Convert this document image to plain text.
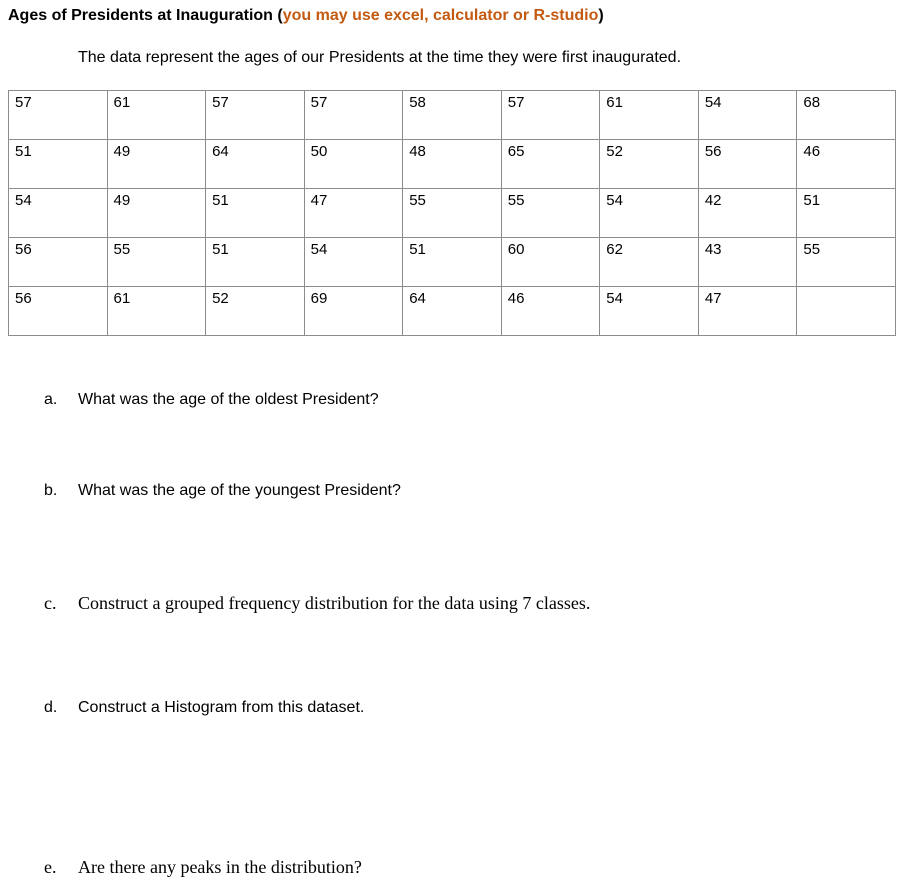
Ages of Presidents at Inauguration (you may use excel, calculator or R-studio)
The data represent the ages of our Presidents at the time they were first inaugurated.
57	61	57	57	58	57	61	54	68
51	49	64	50	48	65	52	56	46
54	49	51	47	55	55	54	42	51
56	55	51	54	51	60	62	43	55
56	61	52	69	64	46	54	47	
a.	What was the age of the oldest President?
b.	What was the age of the youngest President?
c.	Construct a grouped frequency distribution for the data using 7 classes.
d.	Construct a Histogram from this dataset.
e.	Are there any peaks in the distribution?
